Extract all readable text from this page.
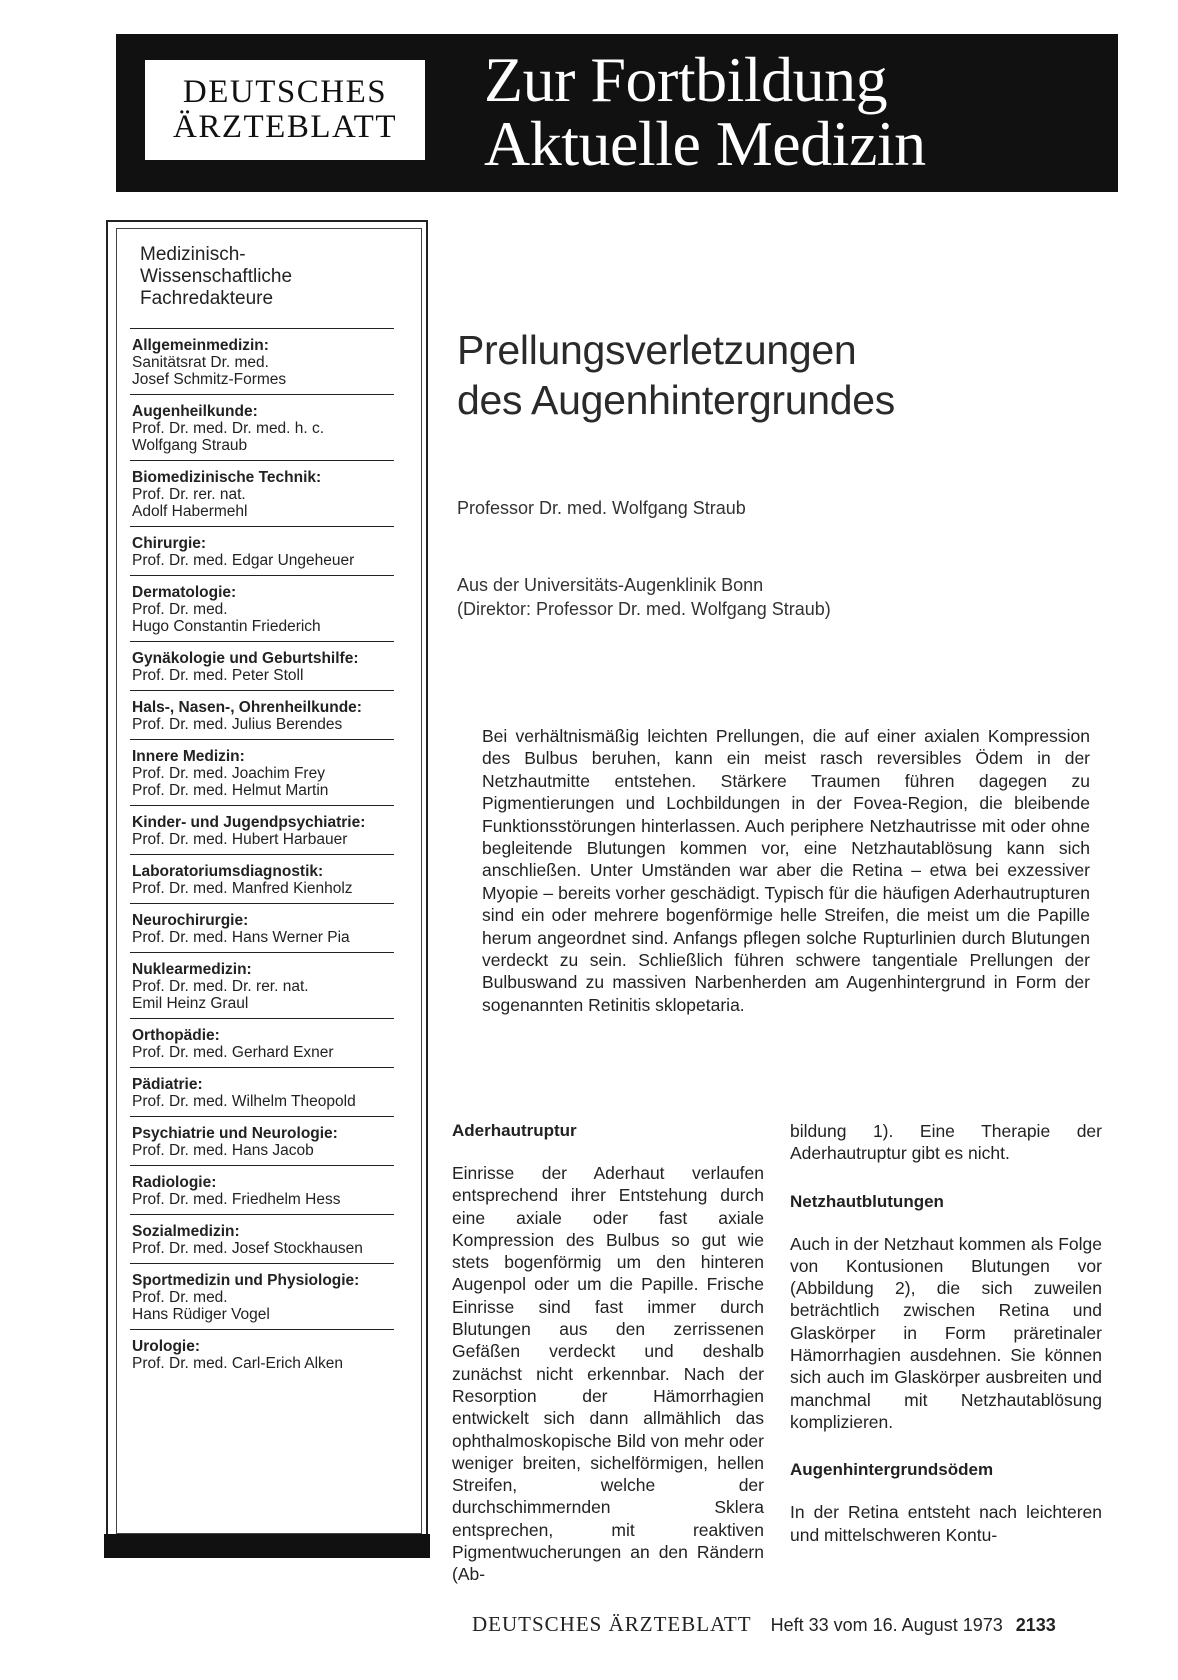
DEUTSCHES
ÄRZTEBLATT
Zur Fortbildung
Aktuelle Medizin
Medizinisch-
Wissenschaftliche
Fachredakteure
Allgemeinmedizin:
Sanitätsrat Dr. med.
Josef Schmitz-Formes
Augenheilkunde:
Prof. Dr. med. Dr. med. h. c.
Wolfgang Straub
Biomedizinische Technik:
Prof. Dr. rer. nat.
Adolf Habermehl
Chirurgie:
Prof. Dr. med. Edgar Ungeheuer
Dermatologie:
Prof. Dr. med.
Hugo Constantin Friederich
Gynäkologie und Geburtshilfe:
Prof. Dr. med. Peter Stoll
Hals-, Nasen-, Ohrenheilkunde:
Prof. Dr. med. Julius Berendes
Innere Medizin:
Prof. Dr. med. Joachim Frey
Prof. Dr. med. Helmut Martin
Kinder- und Jugendpsychiatrie:
Prof. Dr. med. Hubert Harbauer
Laboratoriumsdiagnostik:
Prof. Dr. med. Manfred Kienholz
Neurochirurgie:
Prof. Dr. med. Hans Werner Pia
Nuklearmedizin:
Prof. Dr. med. Dr. rer. nat.
Emil Heinz Graul
Orthopädie:
Prof. Dr. med. Gerhard Exner
Pädiatrie:
Prof. Dr. med. Wilhelm Theopold
Psychiatrie und Neurologie:
Prof. Dr. med. Hans Jacob
Radiologie:
Prof. Dr. med. Friedhelm Hess
Sozialmedizin:
Prof. Dr. med. Josef Stockhausen
Sportmedizin und Physiologie:
Prof. Dr. med.
Hans Rüdiger Vogel
Urologie:
Prof. Dr. med. Carl-Erich Alken
Prellungsverletzungen
des Augenhintergrundes
Professor Dr. med. Wolfgang Straub
Aus der Universitäts-Augenklinik Bonn
(Direktor: Professor Dr. med. Wolfgang Straub)
Bei verhältnismäßig leichten Prellungen, die auf einer axialen Kompression des Bulbus beruhen, kann ein meist rasch reversibles Ödem in der Netzhautmitte entstehen. Stärkere Traumen führen dagegen zu Pigmentierungen und Lochbildungen in der Fovea-Region, die bleibende Funktionsstörungen hinterlassen. Auch periphere Netzhautrisse mit oder ohne begleitende Blutungen kommen vor, eine Netzhautablösung kann sich anschließen. Unter Umständen war aber die Retina – etwa bei exzessiver Myopie – bereits vorher geschädigt. Typisch für die häufigen Aderhautrupturen sind ein oder mehrere bogenförmige helle Streifen, die meist um die Papille herum angeordnet sind. Anfangs pflegen solche Rupturlinien durch Blutungen verdeckt zu sein. Schließlich führen schwere tangentiale Prellungen der Bulbuswand zu massiven Narbenherden am Augenhintergrund in Form der sogenannten Retinitis sklopetaria.
Aderhautruptur

Einrisse der Aderhaut verlaufen entsprechend ihrer Entstehung durch eine axiale oder fast axiale Kompression des Bulbus so gut wie stets bogenförmig um den hinteren Augenpol oder um die Papille. Frische Einrisse sind fast immer durch Blutungen aus den zerrissenen Gefäßen verdeckt und deshalb zunächst nicht erkennbar. Nach der Resorption der Hämorrhagien entwickelt sich dann allmählich das ophthalmoskopische Bild von mehr oder weniger breiten, sichelförmigen, hellen Streifen, welche der durchschimmernden Sklera entsprechen, mit reaktiven Pigmentwucherungen an den Rändern (Ab-

bildung 1). Eine Therapie der Aderhautruptur gibt es nicht.

Netzhautblutungen

Auch in der Netzhaut kommen als Folge von Kontusionen Blutungen vor (Abbildung 2), die sich zuweilen beträchtlich zwischen Retina und Glaskörper in Form präretinaler Hämorrhagien ausdehnen. Sie können sich auch im Glaskörper ausbreiten und manchmal mit Netzhautablösung komplizieren.

Augenhintergrundsödem

In der Retina entsteht nach leichteren und mittelschweren Kontu-

DEUTSCHES ÄRZTEBLATT Heft 33 vom 16. August 1973 2133
